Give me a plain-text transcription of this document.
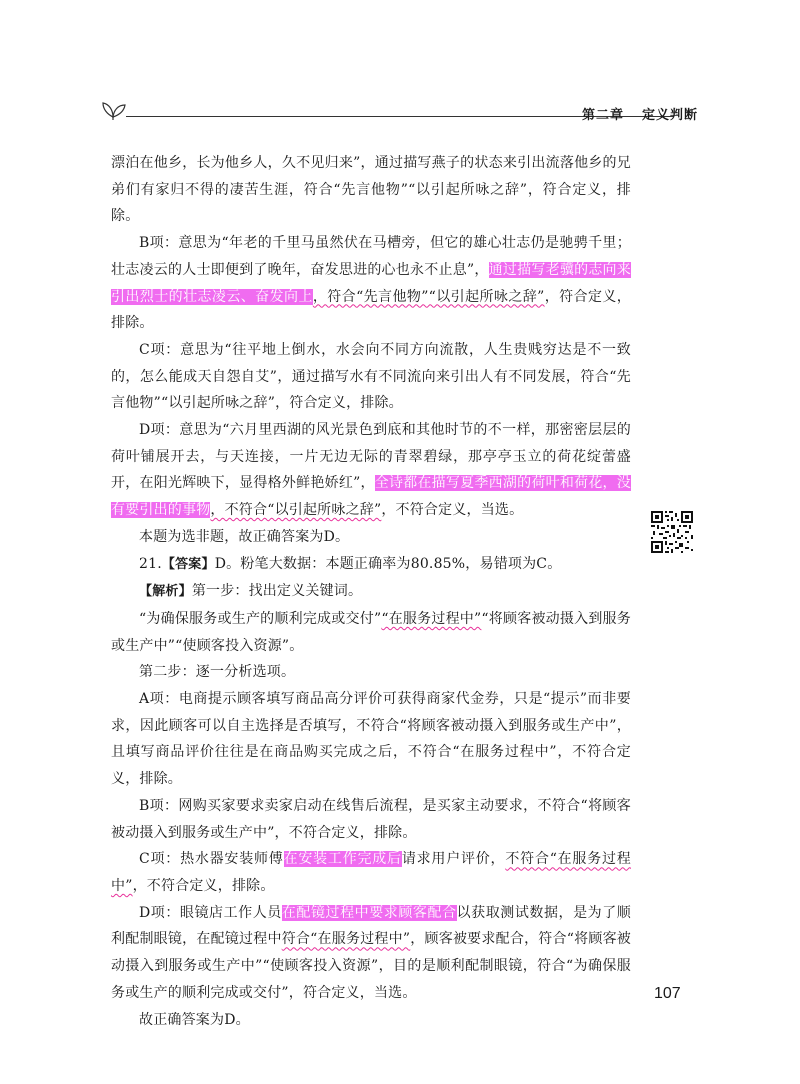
第二章 定义判断

漂泊在他乡，长为他乡人，久不见归来”，通过描写燕子的状态来引出流落他乡的兄弟们有家归不得的凄苦生涯，符合“先言他物”“以引起所咏之辞”，符合定义，排除。

B项：意思为“年老的千里马虽然伏在马槽旁，但它的雄心壮志仍是驰骋千里；壮志凌云的人士即便到了晚年，奋发思进的心也永不止息”，通过描写老骥的志向来引出烈士的壮志凌云、奋发向上，符合“先言他物”“以引起所咏之辞”，符合定义，排除。

C项：意思为“往平地上倒水，水会向不同方向流散，人生贵贱穷达是不一致的，怎么能成天自怨自艾”，通过描写水有不同流向来引出人有不同发展，符合“先言他物”“以引起所咏之辞”，符合定义，排除。

D项：意思为“六月里西湖的风光景色到底和其他时节的不一样，那密密层层的荷叶铺展开去，与天连接，一片无边无际的青翠碧绿，那亭亭玉立的荷花绽蕾盛开，在阳光辉映下，显得格外鲜艳娇红”，全诗都在描写夏季西湖的荷叶和荷花，没有要引出的事物，不符合“以引起所咏之辞”，不符合定义，当选。

本题为选非题，故正确答案为D。

21.【答案】D。粉笔大数据：本题正确率为80.85%，易错项为C。

【解析】第一步：找出定义关键词。

“为确保服务或生产的顺利完成或交付”“在服务过程中”“将顾客被动摄入到服务或生产中”“使顾客投入资源”。

第二步：逐一分析选项。

A项：电商提示顾客填写商品高分评价可获得商家代金券，只是“提示”而非要求，因此顾客可以自主选择是否填写，不符合“将顾客被动摄入到服务或生产中”，且填写商品评价往往是在商品购买完成之后，不符合“在服务过程中”，不符合定义，排除。

B项：网购买家要求卖家启动在线售后流程，是买家主动要求，不符合“将顾客被动摄入到服务或生产中”，不符合定义，排除。

C项：热水器安装师傅在安装工作完成后请求用户评价，不符合“在服务过程中”，不符合定义，排除。

D项：眼镜店工作人员在配镜过程中要求顾客配合以获取测试数据，是为了顺利配制眼镜，在配镜过程中符合“在服务过程中”，顾客被要求配合，符合“将顾客被动摄入到服务或生产中”“使顾客投入资源”，目的是顺利配制眼镜，符合“为确保服务或生产的顺利完成或交付”，符合定义，当选。

故正确答案为D。

107
